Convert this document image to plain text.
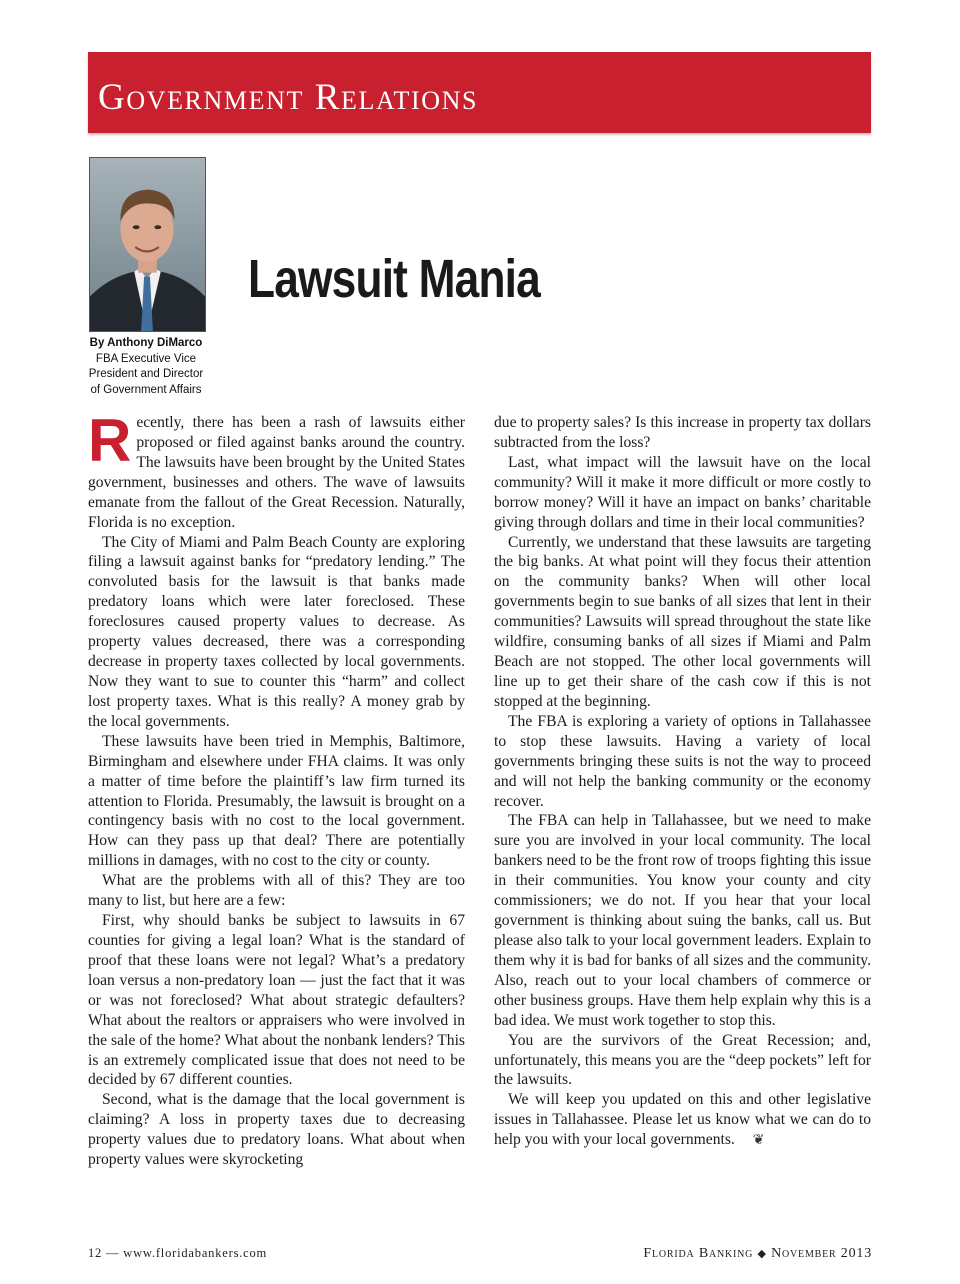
Government Relations
By Anthony DiMarco
FBA Executive Vice
President and Director
of Government Affairs
Lawsuit Mania

Recently, there has been a rash of lawsuits either proposed or filed against banks around the country. The lawsuits have been brought by the United States government, businesses and others. The wave of lawsuits emanate from the fallout of the Great Recession. Naturally, Florida is no exception.

The City of Miami and Palm Beach County are exploring filing a lawsuit against banks for “predatory lending.” The convoluted basis for the lawsuit is that banks made predatory loans which were later foreclosed. These foreclosures caused property values to decrease. As property values decreased, there was a corresponding decrease in property taxes collected by local governments. Now they want to sue to counter this “harm” and collect lost property taxes. What is this really? A money grab by the local governments.

These lawsuits have been tried in Memphis, Baltimore, Birmingham and elsewhere under FHA claims. It was only a matter of time before the plaintiff’s law firm turned its attention to Florida. Presumably, the lawsuit is brought on a contingency basis with no cost to the local government. How can they pass up that deal? There are potentially millions in damages, with no cost to the city or county.

What are the problems with all of this? They are too many to list, but here are a few:

First, why should banks be subject to lawsuits in 67 counties for giving a legal loan? What is the standard of proof that these loans were not legal? What’s a predatory loan versus a non-predatory loan — just the fact that it was or was not foreclosed? What about strategic defaulters? What about the realtors or appraisers who were involved in the sale of the home? What about the nonbank lenders? This is an extremely complicated issue that does not need to be decided by 67 different counties.

Second, what is the damage that the local government is claiming? A loss in property taxes due to decreasing property values due to predatory loans. What about when property values were skyrocketing

due to property sales? Is this increase in property tax dollars subtracted from the loss?

Last, what impact will the lawsuit have on the local community? Will it make it more difficult or more costly to borrow money? Will it have an impact on banks’ charitable giving through dollars and time in their local communities?

Currently, we understand that these lawsuits are targeting the big banks. At what point will they focus their attention on the community banks? When will other local governments begin to sue banks of all sizes that lent in their communities? Lawsuits will spread throughout the state like wildfire, consuming banks of all sizes if Miami and Palm Beach are not stopped. The other local governments will line up to get their share of the cash cow if this is not stopped at the beginning.

The FBA is exploring a variety of options in Tallahassee to stop these lawsuits. Having a variety of local governments bringing these suits is not the way to proceed and will not help the banking community or the economy recover.

The FBA can help in Tallahassee, but we need to make sure you are involved in your local community. The local bankers need to be the front row of troops fighting this issue in their communities. You know your county and city commissioners; we do not. If you hear that your local government is thinking about suing the banks, call us. But please also talk to your local government leaders. Explain to them why it is bad for banks of all sizes and the community. Also, reach out to your local chambers of commerce or other business groups. Have them help explain why this is a bad idea. We must work together to stop this.

You are the survivors of the Great Recession; and, unfortunately, this means you are the “deep pockets” left for the lawsuits.

We will keep you updated on this and other legislative issues in Tallahassee. Please let us know what we can do to help you with your local governments. ❦

12 — www.floridabankers.com	Florida Banking ◆ November 2013
